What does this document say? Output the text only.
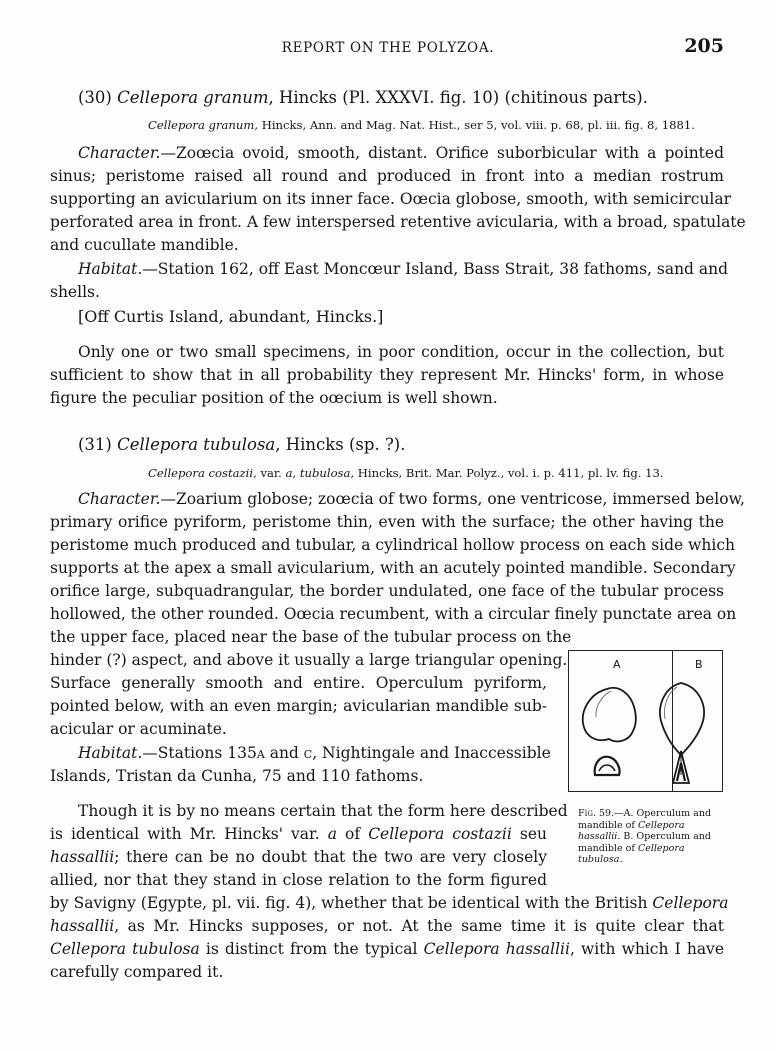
REPORT ON THE POLYZOA.	205
(30) Cellepora granum, Hincks (Pl. XXXVI. fig. 10) (chitinous parts).
Cellepora granum, Hincks, Ann. and Mag. Nat. Hist., ser 5, vol. viii. p. 68, pl. iii. fig. 8, 1881.
Character.—Zoœcia ovoid, smooth, distant. Orifice suborbicular with a pointed
sinus; peristome raised all round and produced in front into a median rostrum
supporting an avicularium on its inner face. Oœcia globose, smooth, with semicircular
perforated area in front. A few interspersed retentive avicularia, with a broad, spatulate
and cucullate mandible.
Habitat.—Station 162, off East Moncœur Island, Bass Strait, 38 fathoms, sand and
shells.
[Off Curtis Island, abundant, Hincks.]
Only one or two small specimens, in poor condition, occur in the collection, but
sufficient to show that in all probability they represent Mr. Hincks' form, in whose
figure the peculiar position of the oœcium is well shown.
(31) Cellepora tubulosa, Hincks (sp. ?).
Cellepora costazii, var. a, tubulosa, Hincks, Brit. Mar. Polyz., vol. i. p. 411, pl. lv. fig. 13.
Character.—Zoarium globose; zoœcia of two forms, one ventricose, immersed below,
primary orifice pyriform, peristome thin, even with the surface; the other having the
peristome much produced and tubular, a cylindrical hollow process on each side which
supports at the apex a small avicularium, with an acutely pointed mandible. Secondary
orifice large, subquadrangular, the border undulated, one face of the tubular process
hollowed, the other rounded. Oœcia recumbent, with a circular finely punctate area on
the upper face, placed near the base of the tubular process on the
hinder (?) aspect, and above it usually a large triangular opening.
Surface generally smooth and entire. Operculum pyriform,
pointed below, with an even margin; avicularian mandible sub-
acicular or acuminate.
Habitat.—Stations 135a and c, Nightingale and Inaccessible
Islands, Tristan da Cunha, 75 and 110 fathoms.
Though it is by no means certain that the form here described
is identical with Mr. Hincks' var. a of Cellepora costazii seu
hassallii; there can be no doubt that the two are very closely
allied, nor that they stand in close relation to the form figured
by Savigny (Egypte, pl. vii. fig. 4), whether that be identical with the British Cellepora
hassallii, as Mr. Hincks supposes, or not. At the same time it is quite clear that
Cellepora tubulosa is distinct from the typical Cellepora hassallii, with which I have
carefully compared it.
A	B
Fig. 59.—A. Operculum and mandible of Cellepora hassallii. B. Operculum and mandible of Cellepora tubulosa.
